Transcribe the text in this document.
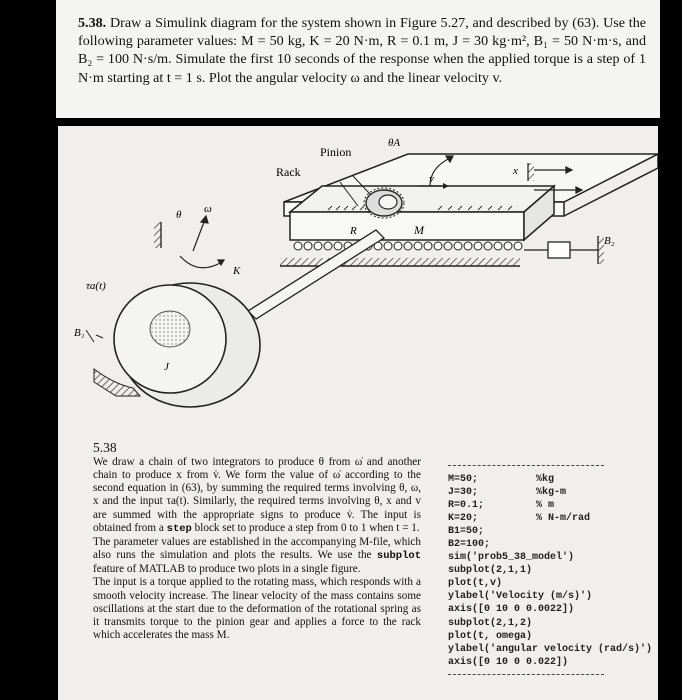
5.38. Draw a Simulink diagram for the system shown in Figure 5.27, and described by (63). Use the following parameter values: M = 50 kg, K = 20 N·m, R = 0.1 m, J = 30 kg·m², B₁ = 50 N·m·s, and B₂ = 100 N·s/m. Simulate the first 10 seconds of the response when the applied torque is a step of 1 N·m starting at t = 1 s. Plot the angular velocity ω and the linear velocity v.

Pinion
θA
Rack	v
x
θ ω
M
R
K
B₂
τa(t)
B₁
J
5.38

We draw a chain of two integrators to produce θ from ω̇ and another chain to produce x from v̇. We form the value of ω̇ according to the second equation in (63), by summing the required terms involving θ, ω, x and the input τa(t). Similarly, the required terms involving θ, x and v are summed with the appropriate signs to produce v̇. The input is obtained from a step block set to produce a step from 0 to 1 when t = 1.

The parameter values are established in the accompanying M-file, which also runs the simulation and plots the results. We use the subplot feature of MATLAB to produce two plots in a single figure.

The input is a torque applied to the rotating mass, which responds with a smooth velocity increase. The linear velocity of the mass contains some oscillations at the start due to the deformation of the rotational spring as it transmits torque to the pinion gear and applies a force to the rack which accelerates the mass M.

M=50;	%kg
J=30;	%kg-m
R=0.1;	% m
K=20;	% N-m/rad
B1=50;
B2=100;
sim('prob5_38_model')
subplot(2,1,1)
plot(t,v)
ylabel('Velocity (m/s)')
axis([0 10 0 0.0022])
subplot(2,1,2)
plot(t, omega)
ylabel('angular velocity (rad/s)')
axis([0 10 0 0.022])
